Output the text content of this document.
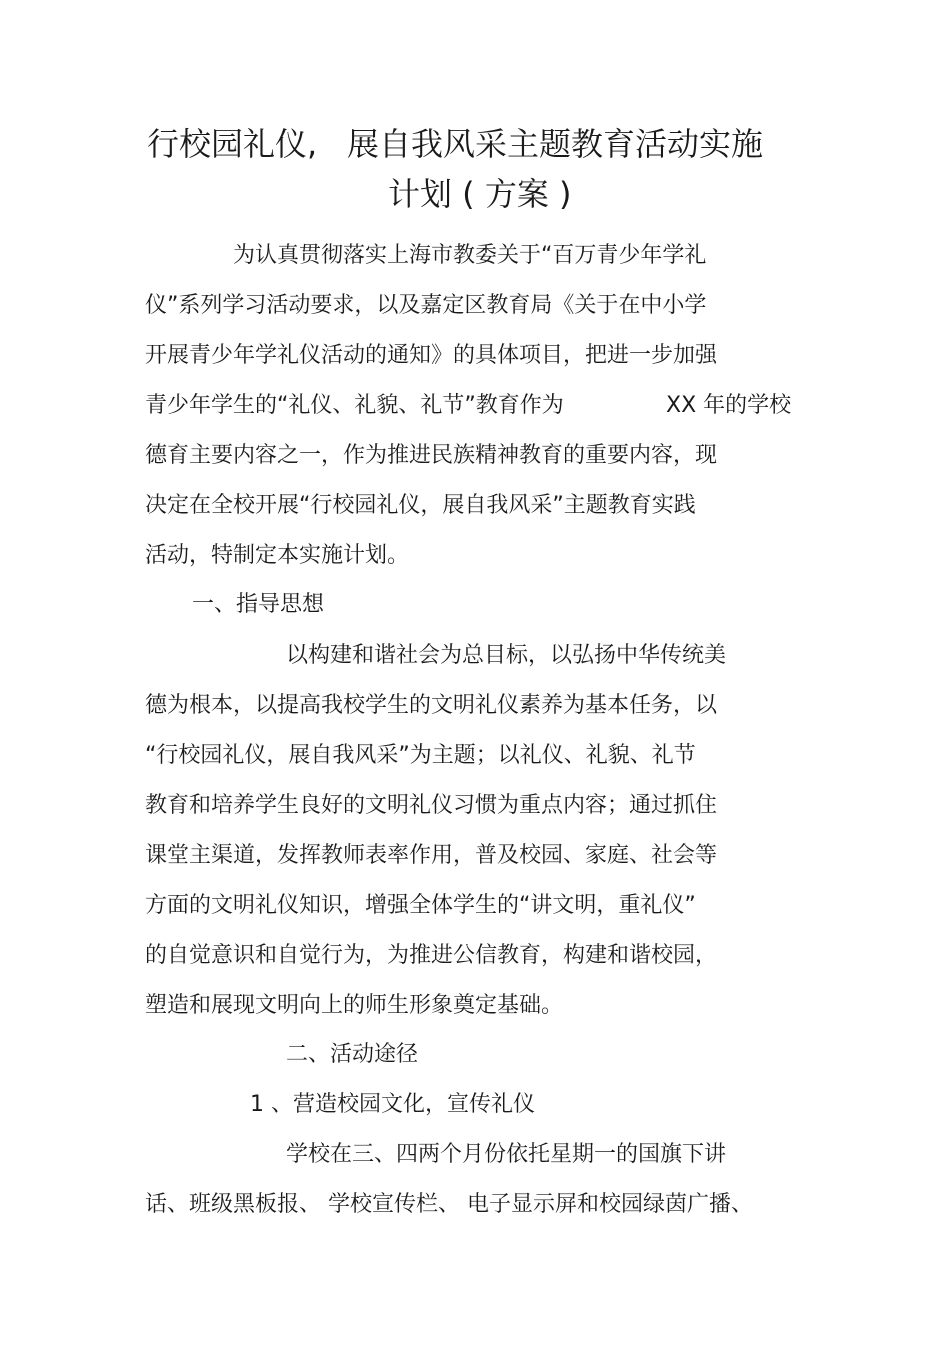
行校园礼仪, 展自我风采主题教育活动实施
计划 ( 方案 )
为认真贯彻落实上海市教委关于“百万青少年学礼
仪”系列学习活动要求，以及嘉定区教育局《关于在中小学
开展青少年学礼仪活动的通知》的具体项目，把进一步加强
青少年学生的“礼仪、礼貌、礼节”教育作为	XX 年的学校
德育主要内容之一，作为推进民族精神教育的重要内容，现
决定在全校开展“行校园礼仪，展自我风采”主题教育实践
活动，特制定本实施计划。
一、指导思想
以构建和谐社会为总目标，以弘扬中华传统美
德为根本，以提高我校学生的文明礼仪素养为基本任务，以
“行校园礼仪，展自我风采”为主题；以礼仪、礼貌、礼节
教育和培养学生良好的文明礼仪习惯为重点内容；通过抓住
课堂主渠道，发挥教师表率作用，普及校园、家庭、社会等
方面的文明礼仪知识，增强全体学生的“讲文明，重礼仪”
的自觉意识和自觉行为，为推进公信教育，构建和谐校园，
塑造和展现文明向上的师生形象奠定基础。
二、活动途径
1 、营造校园文化，宣传礼仪
学校在三、四两个月份依托星期一的国旗下讲
话、班级黑板报、 学校宣传栏、 电子显示屏和校园绿茵广播、
